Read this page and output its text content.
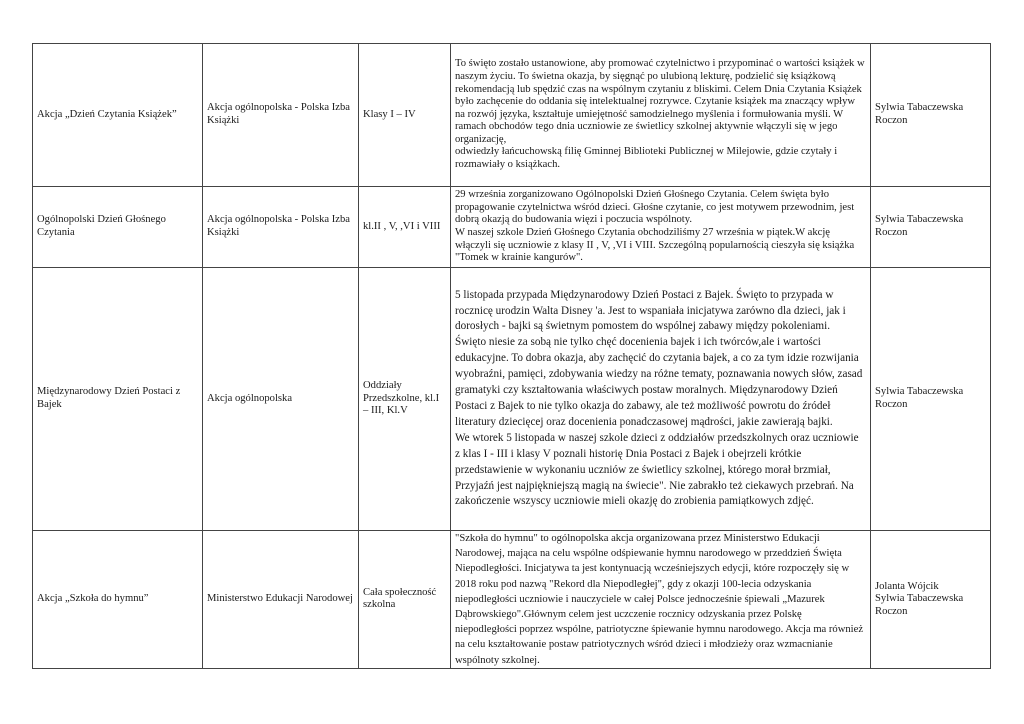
Akcja „Dzień Czytania Książek”	Akcja ogólnopolska - Polska Izba Książki	Klasy I – IV	To święto zostało ustanowione, aby promować czytelnictwo i przypominać o wartości książek w naszym życiu. To świetna okazja, by sięgnąć po ulubioną lekturę, podzielić się książkową rekomendacją lub spędzić czas na wspólnym czytaniu z bliskimi. Celem Dnia Czytania Książek było zachęcenie do oddania się intelektualnej rozrywce. Czytanie książek ma znaczący wpływ na rozwój języka, kształtuje umiejętność samodzielnego myślenia i formułowania myśli. W ramach obchodów tego dnia uczniowie ze świetlicy szkolnej aktywnie włączyli się w jego organizację,

odwiedzły łańcuchowską filię Gminnej Biblioteki Publicznej w Milejowie, gdzie czytały i rozmawiały o książkach.	Sylwia Tabaczewska Roczon

Ogólnopolski Dzień Głośnego Czytania	Akcja ogólnopolska - Polska Izba Książki	kl.II , V, ,VI i VIII	29 września zorganizowano Ogólnopolski Dzień Głośnego Czytania. Celem święta było propagowanie czytelnictwa wśród dzieci. Głośne czytanie, co jest motywem przewodnim, jest dobrą okazją do budowania więzi i poczucia wspólnoty.

W naszej szkole Dzień Głośnego Czytania obchodziliśmy 27 września w piątek.W akcję włączyli się uczniowie z klasy II , V, ,VI i VIII. Szczególną popularnością cieszyła się książka "Tomek w krainie kangurów".	Sylwia Tabaczewska Roczon

Międzynarodowy Dzień Postaci z Bajek	Akcja ogólnopolska	Oddziały Przedszkolne, kl.I – III, Kl.V	5 listopada przypada Międzynarodowy Dzień Postaci z Bajek. Święto to przypada w rocznicę urodzin Walta Disney 'a. Jest to wspaniała inicjatywa zarówno dla dzieci, jak i dorosłych - bajki są świetnym pomostem do wspólnej zabawy między pokoleniami.

Święto niesie za sobą nie tylko chęć docenienia bajek i ich twórców,ale i wartości edukacyjne. To dobra okazja, aby zachęcić do czytania bajek, a co za tym idzie rozwijania wyobraźni, pamięci, zdobywania wiedzy na różne tematy, poznawania nowych słów, zasad gramatyki czy kształtowania właściwych postaw moralnych. Międzynarodowy Dzień Postaci z Bajek to nie tylko okazja do zabawy, ale też możliwość powrotu do źródeł literatury dziecięcej oraz docenienia ponadczasowej mądrości, jakie zawierają bajki.

We wtorek 5 listopada w naszej szkole dzieci z oddziałów przedszkolnych oraz uczniowie z klas I - III i klasy V poznali historię Dnia Postaci z Bajek i obejrzeli krótkie przedstawienie w wykonaniu uczniów ze świetlicy szkolnej, którego morał brzmiał, Przyjaźń jest najpiękniejszą magią na świecie". Nie zabrakło też ciekawych przebrań. Na zakończenie wszyscy uczniowie mieli okazję do zrobienia pamiątkowych zdjęć.	Sylwia Tabaczewska Roczon

Akcja „Szkoła do hymnu”	Ministerstwo Edukacji Narodowej	Cała społeczność szkolna	"Szkoła do hymnu" to ogólnopolska akcja organizowana przez Ministerstwo Edukacji Narodowej, mająca na celu wspólne odśpiewanie hymnu narodowego w przeddzień Święta Niepodległości. Inicjatywa ta jest kontynuacją wcześniejszych edycji, które rozpoczęły się w 2018 roku pod nazwą "Rekord dla Niepodległej", gdy z okazji 100-lecia odzyskania niepodległości uczniowie i nauczyciele w całej Polsce jednocześnie śpiewali „Mazurek Dąbrowskiego".Głównym celem jest uczczenie rocznicy odzyskania przez Polskę niepodległości poprzez wspólne, patriotyczne śpiewanie hymnu narodowego. Akcja ma również na celu kształtowanie postaw patriotycznych wśród dzieci i młodzieży oraz wzmacnianie wspólnoty szkolnej.	Jolanta Wójcik
Sylwia Tabaczewska Roczon
